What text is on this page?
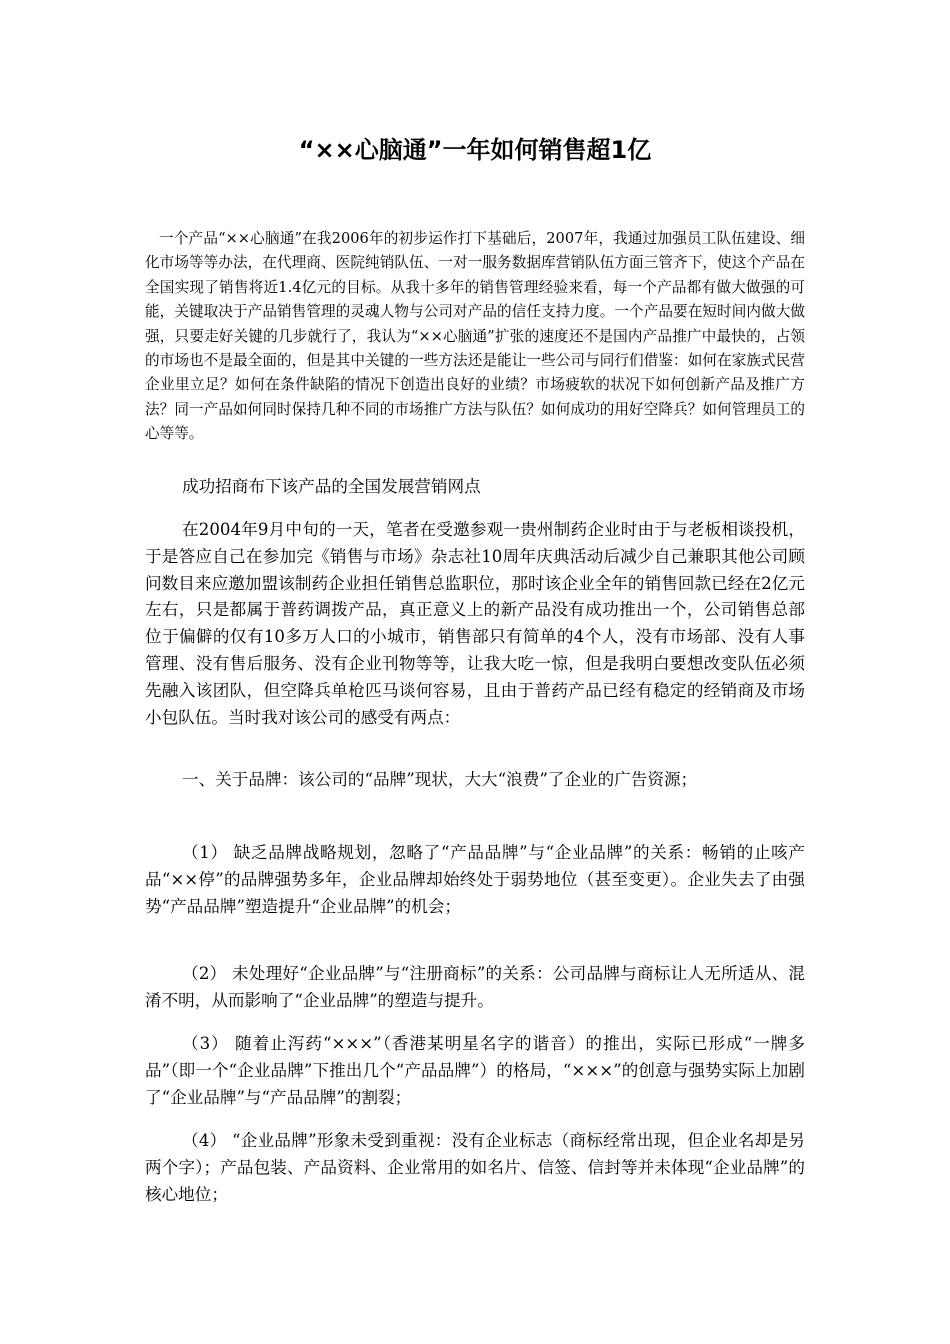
“××心脑通”一年如何销售超1亿

一个产品“××心脑通”在我2006年的初步运作打下基础后，2007年，我通过加强员工队伍建设、细化市场等等办法，在代理商、医院纯销队伍、一对一服务数据库营销队伍方面三管齐下，使这个产品在全国实现了销售将近1.4亿元的目标。从我十多年的销售管理经验来看，每一个产品都有做大做强的可能，关键取决于产品销售管理的灵魂人物与公司对产品的信任支持力度。一个产品要在短时间内做大做强，只要走好关键的几步就行了，我认为“××心脑通”扩张的速度还不是国内产品推广中最快的，占领的市场也不是最全面的，但是其中关键的一些方法还是能让一些公司与同行们借鉴：如何在家族式民营企业里立足？如何在条件缺陷的情况下创造出良好的业绩？市场疲软的状况下如何创新产品及推广方法？同一产品如何同时保持几种不同的市场推广方法与队伍？如何成功的用好空降兵？如何管理员工的心等等。

成功招商布下该产品的全国发展营销网点

在2004年9月中旬的一天，笔者在受邀参观一贵州制药企业时由于与老板相谈投机，于是答应自己在参加完《销售与市场》杂志社10周年庆典活动后减少自己兼职其他公司顾问数目来应邀加盟该制药企业担任销售总监职位，那时该企业全年的销售回款已经在2亿元左右，只是都属于普药调拨产品，真正意义上的新产品没有成功推出一个，公司销售总部位于偏僻的仅有10多万人口的小城市，销售部只有简单的4个人，没有市场部、没有人事管理、没有售后服务、没有企业刊物等等，让我大吃一惊，但是我明白要想改变队伍必须先融入该团队，但空降兵单枪匹马谈何容易，且由于普药产品已经有稳定的经销商及市场小包队伍。当时我对该公司的感受有两点：

一、关于品牌：该公司的“品牌”现状，大大“浪费”了企业的广告资源；

（1） 缺乏品牌战略规划，忽略了“产品品牌”与“企业品牌”的关系：畅销的止咳产品“××停”的品牌强势多年，企业品牌却始终处于弱势地位（甚至变更）。企业失去了由强势“产品品牌”塑造提升“企业品牌”的机会；

（2） 未处理好“企业品牌”与“注册商标”的关系：公司品牌与商标让人无所适从、混淆不明，从而影响了“企业品牌”的塑造与提升。

（3） 随着止泻药“×××”（香港某明星名字的谐音）的推出，实际已形成“一牌多品”（即一个“企业品牌”下推出几个“产品品牌”）的格局，“×××”的创意与强势实际上加剧了“企业品牌”与“产品品牌”的割裂；

（4） “企业品牌”形象未受到重视：没有企业标志（商标经常出现，但企业名却是另两个字）；产品包装、产品资料、企业常用的如名片、信签、信封等并未体现“企业品牌”的核心地位；
